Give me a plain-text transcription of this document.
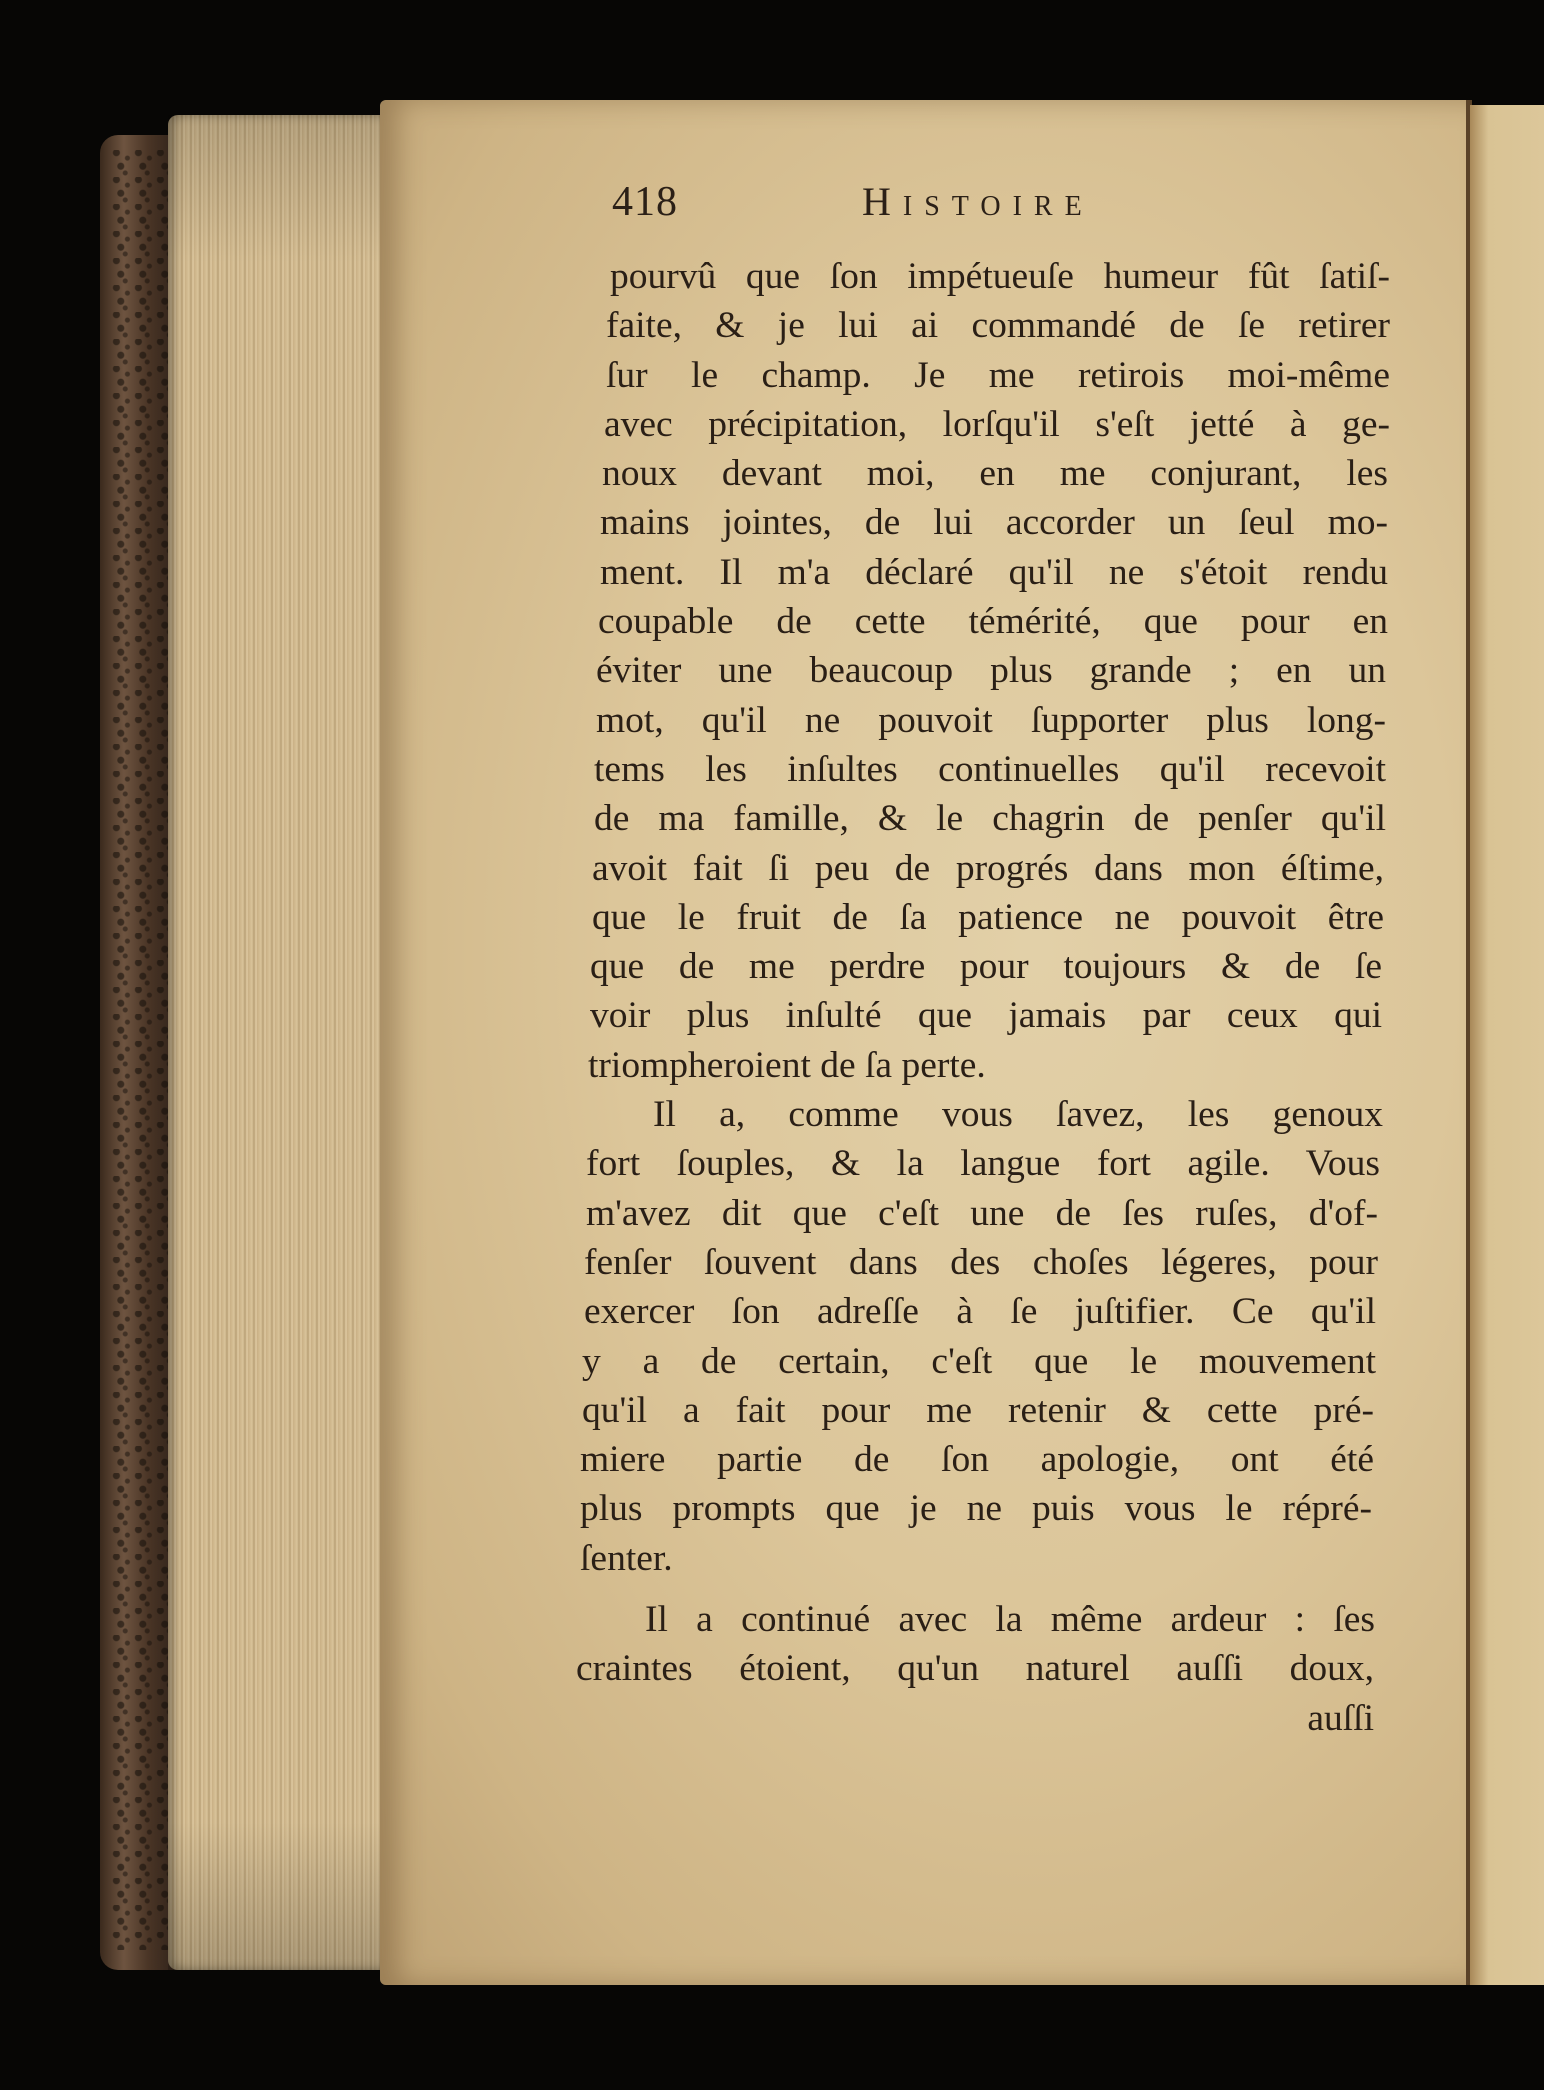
418	Histoire
pourvû que ſon impétueuſe humeur fût ſatiſ-
faite, & je lui ai commandé de ſe retirer
ſur le champ. Je me retirois moi-même
avec précipitation, lorſqu'il s'eſt jetté à ge-
noux devant moi, en me conjurant, les
mains jointes, de lui accorder un ſeul mo-
ment. Il m'a déclaré qu'il ne s'étoit rendu
coupable de cette témérité, que pour en
éviter une beaucoup plus grande ; en un
mot, qu'il ne pouvoit ſupporter plus long-
tems les inſultes continuelles qu'il recevoit
de ma famille, & le chagrin de penſer qu'il
avoit fait ſi peu de progrés dans mon éſtime,
que le fruit de ſa patience ne pouvoit être
que de me perdre pour toujours & de ſe
voir plus inſulté que jamais par ceux qui
triompheroient de ſa perte.
Il a, comme vous ſavez, les genoux
fort ſouples, & la langue fort agile. Vous
m'avez dit que c'eſt une de ſes ruſes, d'of-
fenſer ſouvent dans des choſes légeres, pour
exercer ſon adreſſe à ſe juſtifier. Ce qu'il
y a de certain, c'eſt que le mouvement
qu'il a fait pour me retenir & cette pré-
miere partie de ſon apologie, ont été
plus prompts que je ne puis vous le répré-
ſenter.
Il a continué avec la même ardeur : ſes
craintes étoient, qu'un naturel auſſi doux,
auſſi
